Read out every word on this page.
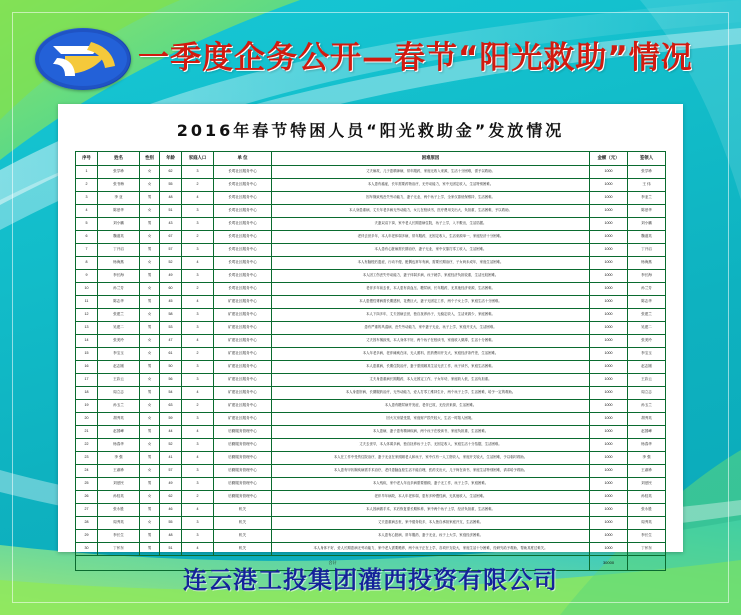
一季度企务公开—春节“阳光救助”情况
2016年春节特困人员“阳光救助金”发放情况
序号	姓名	性别	年龄	家庭人口	单 位	困难原因	金额（元）	签领人
1	张学珍	女	62	3	长莺社区服务中心	丈夫病故，儿子患精神病，常年服药，家庭无收入来源，生活十分困难，需予以救助。	1000	张学珍
2	张书梅	女	55	2	长莺社区服务中心	本人患有癌症，长年需要药物治疗，无劳动能力，家中无固定收入，生活特别困难。	1000	王 伟
3	李 亚	男	48	4	长莺社区服务中心	因车祸致残丧失劳动能力，妻子无业，两个孩子上学，全家仅靠低保维持，生活困难。	1000	李亚兰
4	陈爱华	女	51	3	长莺社区服务中心	本人身患重病，丈夫年老多病无劳动能力，女儿在校读书，医疗费用支出大，负担重，生活困难，予以救助。	1000	陈爱华
5	刘小鹏	男	43	3	长莺社区服务中心	夫妻双双下岗，家中老人长期患病住院，孩子上学，入不敷出，生活拮据。	1000	刘小鹏
6	魏道英	女	67	2	长莺社区服务中心	老伴去世多年，本人年老体弱多病，常年服药，无固定收入，生活来源单一，家庭经济十分困难。	1000	魏道英
7	丁开启	男	57	3	长莺社区服务中心	本人患有心脏病需长期治疗，妻子无业，家中仅靠打零工收入，生活困难。	1000	丁开启
8	杨海燕	女	52	4	长莺社区服务中心	本人有脑梗后遗症，行动不便，配偶也常年有病，需要长期治疗，子女尚未成年，家庭生活困难。	1000	杨海燕
9	李长海	男	49	3	长莺社区服务中心	本人因工伤丧失劳动能力，妻子体弱多病，孩子就学，家庭经济负担较重，生活比较困难。	1000	李长海
10	孙兰芳	女	60	2	长莺社区服务中心	老伴多年前去世，本人患有高血压、糖尿病，长年服药，无其他经济来源，生活困难。	1000	孙兰芳
11	陈志华	男	45	4	矿建社区服务中心	本人患慢性肾病需长期透析，花费巨大，妻子无固定工作，两个子女上学，家庭生活十分困难。	1000	陈志华
12	张建兰	女	58	3	矿建社区服务中心	本人下岗多年，丈夫因病去世，独自抚养孙子，无稳定收入，生活来源少，家庭困难。	1000	张建兰
13	吴建二	男	53	3	矿建社区服务中心	患有严重的风湿病，丧失劳动能力，家中妻子无业，孩子上学，家庭开支大，生活困难。	1000	吴建二
14	张美玲	女	47	4	矿建社区服务中心	丈夫因车祸致残，本人身体不好，两个孩子在校读书，家庭收入微薄，生活十分困难。	1000	张美玲
15	李宝玉	女	61	2	矿建社区服务中心	本人年老多病，老伴瘫痪在床，无人照料，医药费用开支大，家庭经济条件差，生活困难。	1000	李宝玉
16	赵志刚	男	50	3	矿建社区服务中心	本人患重病，长期住院治疗，妻子需照顾其生活无法工作，孩子读书，家庭生活困难。	1000	赵志刚
17	王彩云	女	56	3	矿建社区服务中心	丈夫身患重病长期服药，本人无固定工作，子女年幼，家庭收入低，生活负担重。	1000	王彩云
18	周立志	男	54	4	矿建社区服务中心	本人身患肝病，长期服药治疗，无劳动能力，爱人打零工维持生计，两个孩子上学，生活困难，给予一定的救助。	1000	周立志
19	孙玉兰	女	63	2	矿建社区服务中心	本人患有糖尿病并发症，老伴已故，无经济来源，生活困难。	1000	孙玉兰
20	胡秀英	女	59	3	矿建社区服务中心	因火灾房屋受损，家庭财产损失较大，生活一时陷入困境。	1000	胡秀英
21	赵国峰	男	44	4	后勤服务管理中心	本人患病，妻子患有精神疾病，两个孩子在校读书，家庭负担重，生活困难。	1000	赵国峰
22	杨春华	女	52	3	后勤服务管理中心	丈夫去世早，本人体弱多病，独自抚养孩子上学，无固定收入，家庭生活十分拮据，生活困难。	1000	杨春华
23	李 强	男	41	4	后勤服务管理中心	本人在工作中受伤住院治疗，妻子无业在家照顾老人和孩子，家中仅有一人工资收入，家庭开支较大，生活困难，予以临时救助。	1000	李 强
24	王淑珍	女	57	3	后勤服务管理中心	本人患有甲状腺疾病需手术治疗，老伴患脑血栓生活不能自理，医药支出大，儿子尚在读书，家庭生活特别困难，请求给予救助。	1000	王淑珍
25	刘爱民	男	49	3	后勤服务管理中心	本人残疾，家中老人年迈多病需要照顾，妻子无工作，孩子上学，家庭困难。	1000	刘爱民
26	孙桂英	女	62	2	后勤服务管理中心	老伴早年病故，本人年老体弱，患有多种慢性病，无其他收入，生活困难。	1000	孙桂英
27	张永胜	男	46	4	机关	本人因病做手术，术后恢复需长期休养，家中两个孩子上学，经济负担重，生活困难。	1000	张永胜
28	周秀英	女	55	3	机关	丈夫患重病去世，家中债务较多，本人独自承担家庭开支，生活困难。	1000	周秀英
29	李长生	男	48	3	机关	本人患有心脏病，常年服药，妻子无业，孩子上大学，家庭经济困难。	1000	李长生
30	丁怀东	男	51	4	机关	本人身体不好，爱人长期患病无劳动能力，家中老人需要赡养，两个孩子正在上学，各项开支较大，家庭生活十分困难，经研究给予救助，帮助其度过难关。	1000	丁怀东
合计							30000	
连云港工投集团灌西投资有限公司
